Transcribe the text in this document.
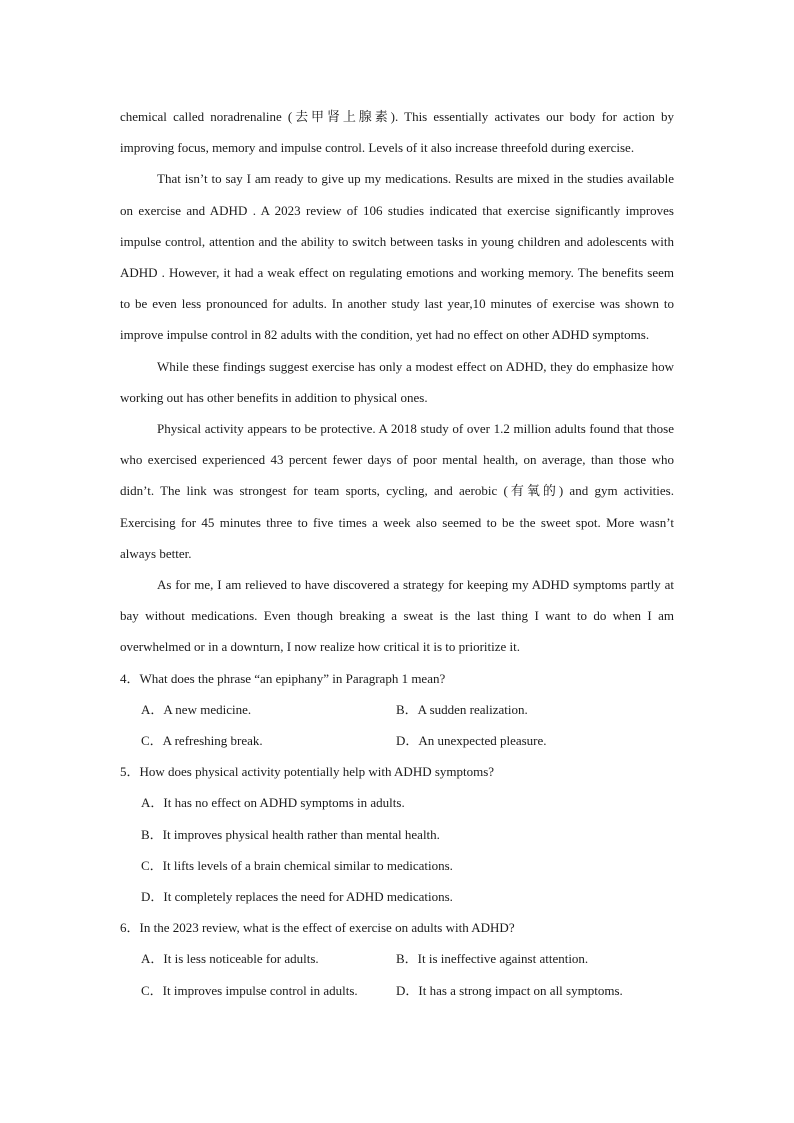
chemical called noradrenaline (去甲肾上腺素). This essentially activates our body for action by improving focus, memory and impulse control. Levels of it also increase threefold during exercise.

That isn’t to say I am ready to give up my medications. Results are mixed in the studies available on exercise and ADHD . A 2023 review of 106 studies indicated that exercise significantly improves impulse control, attention and the ability to switch between tasks in young children and adolescents with ADHD . However, it had a weak effect on regulating emotions and working memory. The benefits seem to be even less pronounced for adults. In another study last year,10 minutes of exercise was shown to improve impulse control in 82 adults with the condition, yet had no effect on other ADHD symptoms.

While these findings suggest exercise has only a modest effect on ADHD, they do emphasize how working out has other benefits in addition to physical ones.

Physical activity appears to be protective. A 2018 study of over 1.2 million adults found that those who exercised experienced 43 percent fewer days of poor mental health, on average, than those who didn’t. The link was strongest for team sports, cycling, and aerobic (有氧的) and gym activities. Exercising for 45 minutes three to five times a week also seemed to be the sweet spot. More wasn’t always better.

As for me, I am relieved to have discovered a strategy for keeping my ADHD symptoms partly at bay without medications. Even though breaking a sweat is the last thing I want to do when I am overwhelmed or in a downturn, I now realize how critical it is to prioritize it.

4．What does the phrase “an epiphany” in Paragraph 1 mean?

A．A new medicine.	B．A sudden realization.
C．A refreshing break.	D．An unexpected pleasure.

5．How does physical activity potentially help with ADHD symptoms?

A．It has no effect on ADHD symptoms in adults.
B．It improves physical health rather than mental health.
C．It lifts levels of a brain chemical similar to medications.
D．It completely replaces the need for ADHD medications.

6．In the 2023 review, what is the effect of exercise on adults with ADHD?

A．It is less noticeable for adults.	B．It is ineffective against attention.
C．It improves impulse control in adults.	D．It has a strong impact on all symptoms.
